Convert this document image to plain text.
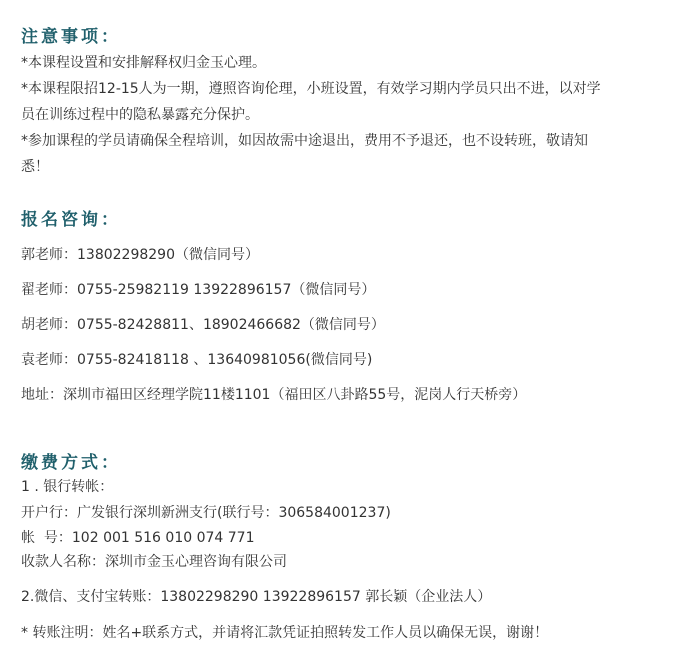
注意事项：
*本课程设置和安排解释权归金玉心理。
*本课程限招12-15人为一期，遵照咨询伦理，小班设置，有效学习期内学员只出不进，以对学
员在训练过程中的隐私暴露充分保护。
*参加课程的学员请确保全程培训，如因故需中途退出，费用不予退还，也不设转班，敬请知
悉！
报名咨询：
郭老师：13802298290（微信同号）
翟老师：0755-25982119 13922896157（微信同号）
胡老师：0755-82428811、18902466682（微信同号）
袁老师：0755-82418118 、13640981056(微信同号)
地址：深圳市福田区经理学院11楼1101（福田区八卦路55号，泥岗人行天桥旁）
缴费方式：
1 . 银行转帐：
开户行：广发银行深圳新洲支行(联行号：306584001237)
帐  号：102 001 516 010 074 771
收款人名称：深圳市金玉心理咨询有限公司
2.微信、支付宝转账：13802298290 13922896157 郭长颖（企业法人）
* 转账注明：姓名+联系方式，并请将汇款凭证拍照转发工作人员以确保无误，谢谢！
